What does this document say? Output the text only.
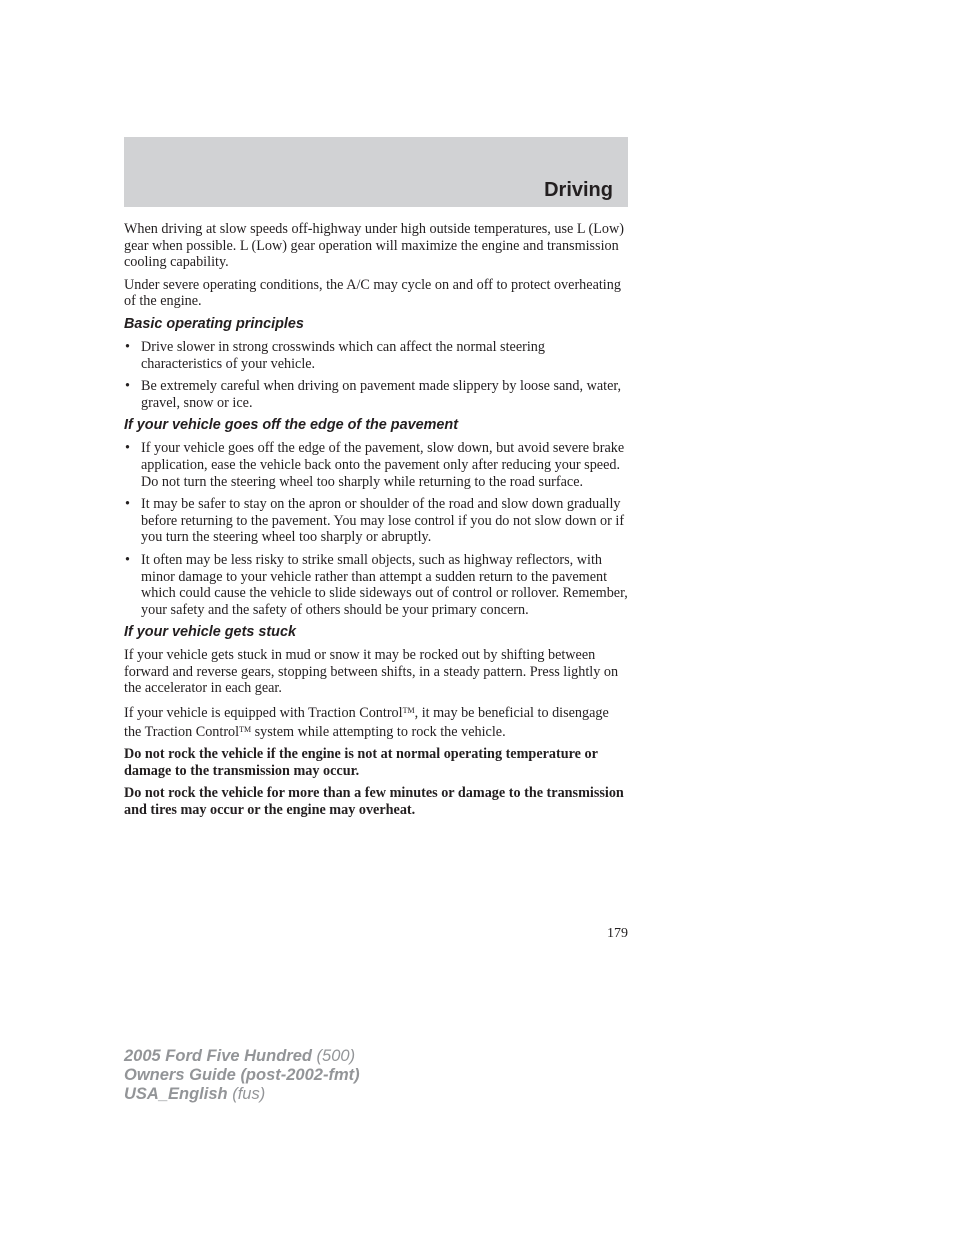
Driving

When driving at slow speeds off-highway under high outside temperatures, use L (Low) gear when possible. L (Low) gear operation will maximize the engine and transmission cooling capability.

Under severe operating conditions, the A/C may cycle on and off to protect overheating of the engine.

Basic operating principles
• Drive slower in strong crosswinds which can affect the normal steering characteristics of your vehicle.
• Be extremely careful when driving on pavement made slippery by loose sand, water, gravel, snow or ice.
If your vehicle goes off the edge of the pavement
• If your vehicle goes off the edge of the pavement, slow down, but avoid severe brake application, ease the vehicle back onto the pavement only after reducing your speed. Do not turn the steering wheel too sharply while returning to the road surface.
• It may be safer to stay on the apron or shoulder of the road and slow down gradually before returning to the pavement. You may lose control if you do not slow down or if you turn the steering wheel too sharply or abruptly.
• It often may be less risky to strike small objects, such as highway reflectors, with minor damage to your vehicle rather than attempt a sudden return to the pavement which could cause the vehicle to slide sideways out of control or rollover. Remember, your safety and the safety of others should be your primary concern.
If your vehicle gets stuck

If your vehicle gets stuck in mud or snow it may be rocked out by shifting between forward and reverse gears, stopping between shifts, in a steady pattern. Press lightly on the accelerator in each gear.

If your vehicle is equipped with Traction Control™, it may be beneficial to disengage the Traction Control™ system while attempting to rock the vehicle.

Do not rock the vehicle if the engine is not at normal operating temperature or damage to the transmission may occur.

Do not rock the vehicle for more than a few minutes or damage to the transmission and tires may occur or the engine may overheat.

179
2005 Ford Five Hundred (500)
Owners Guide (post-2002-fmt)
USA_English (fus)
